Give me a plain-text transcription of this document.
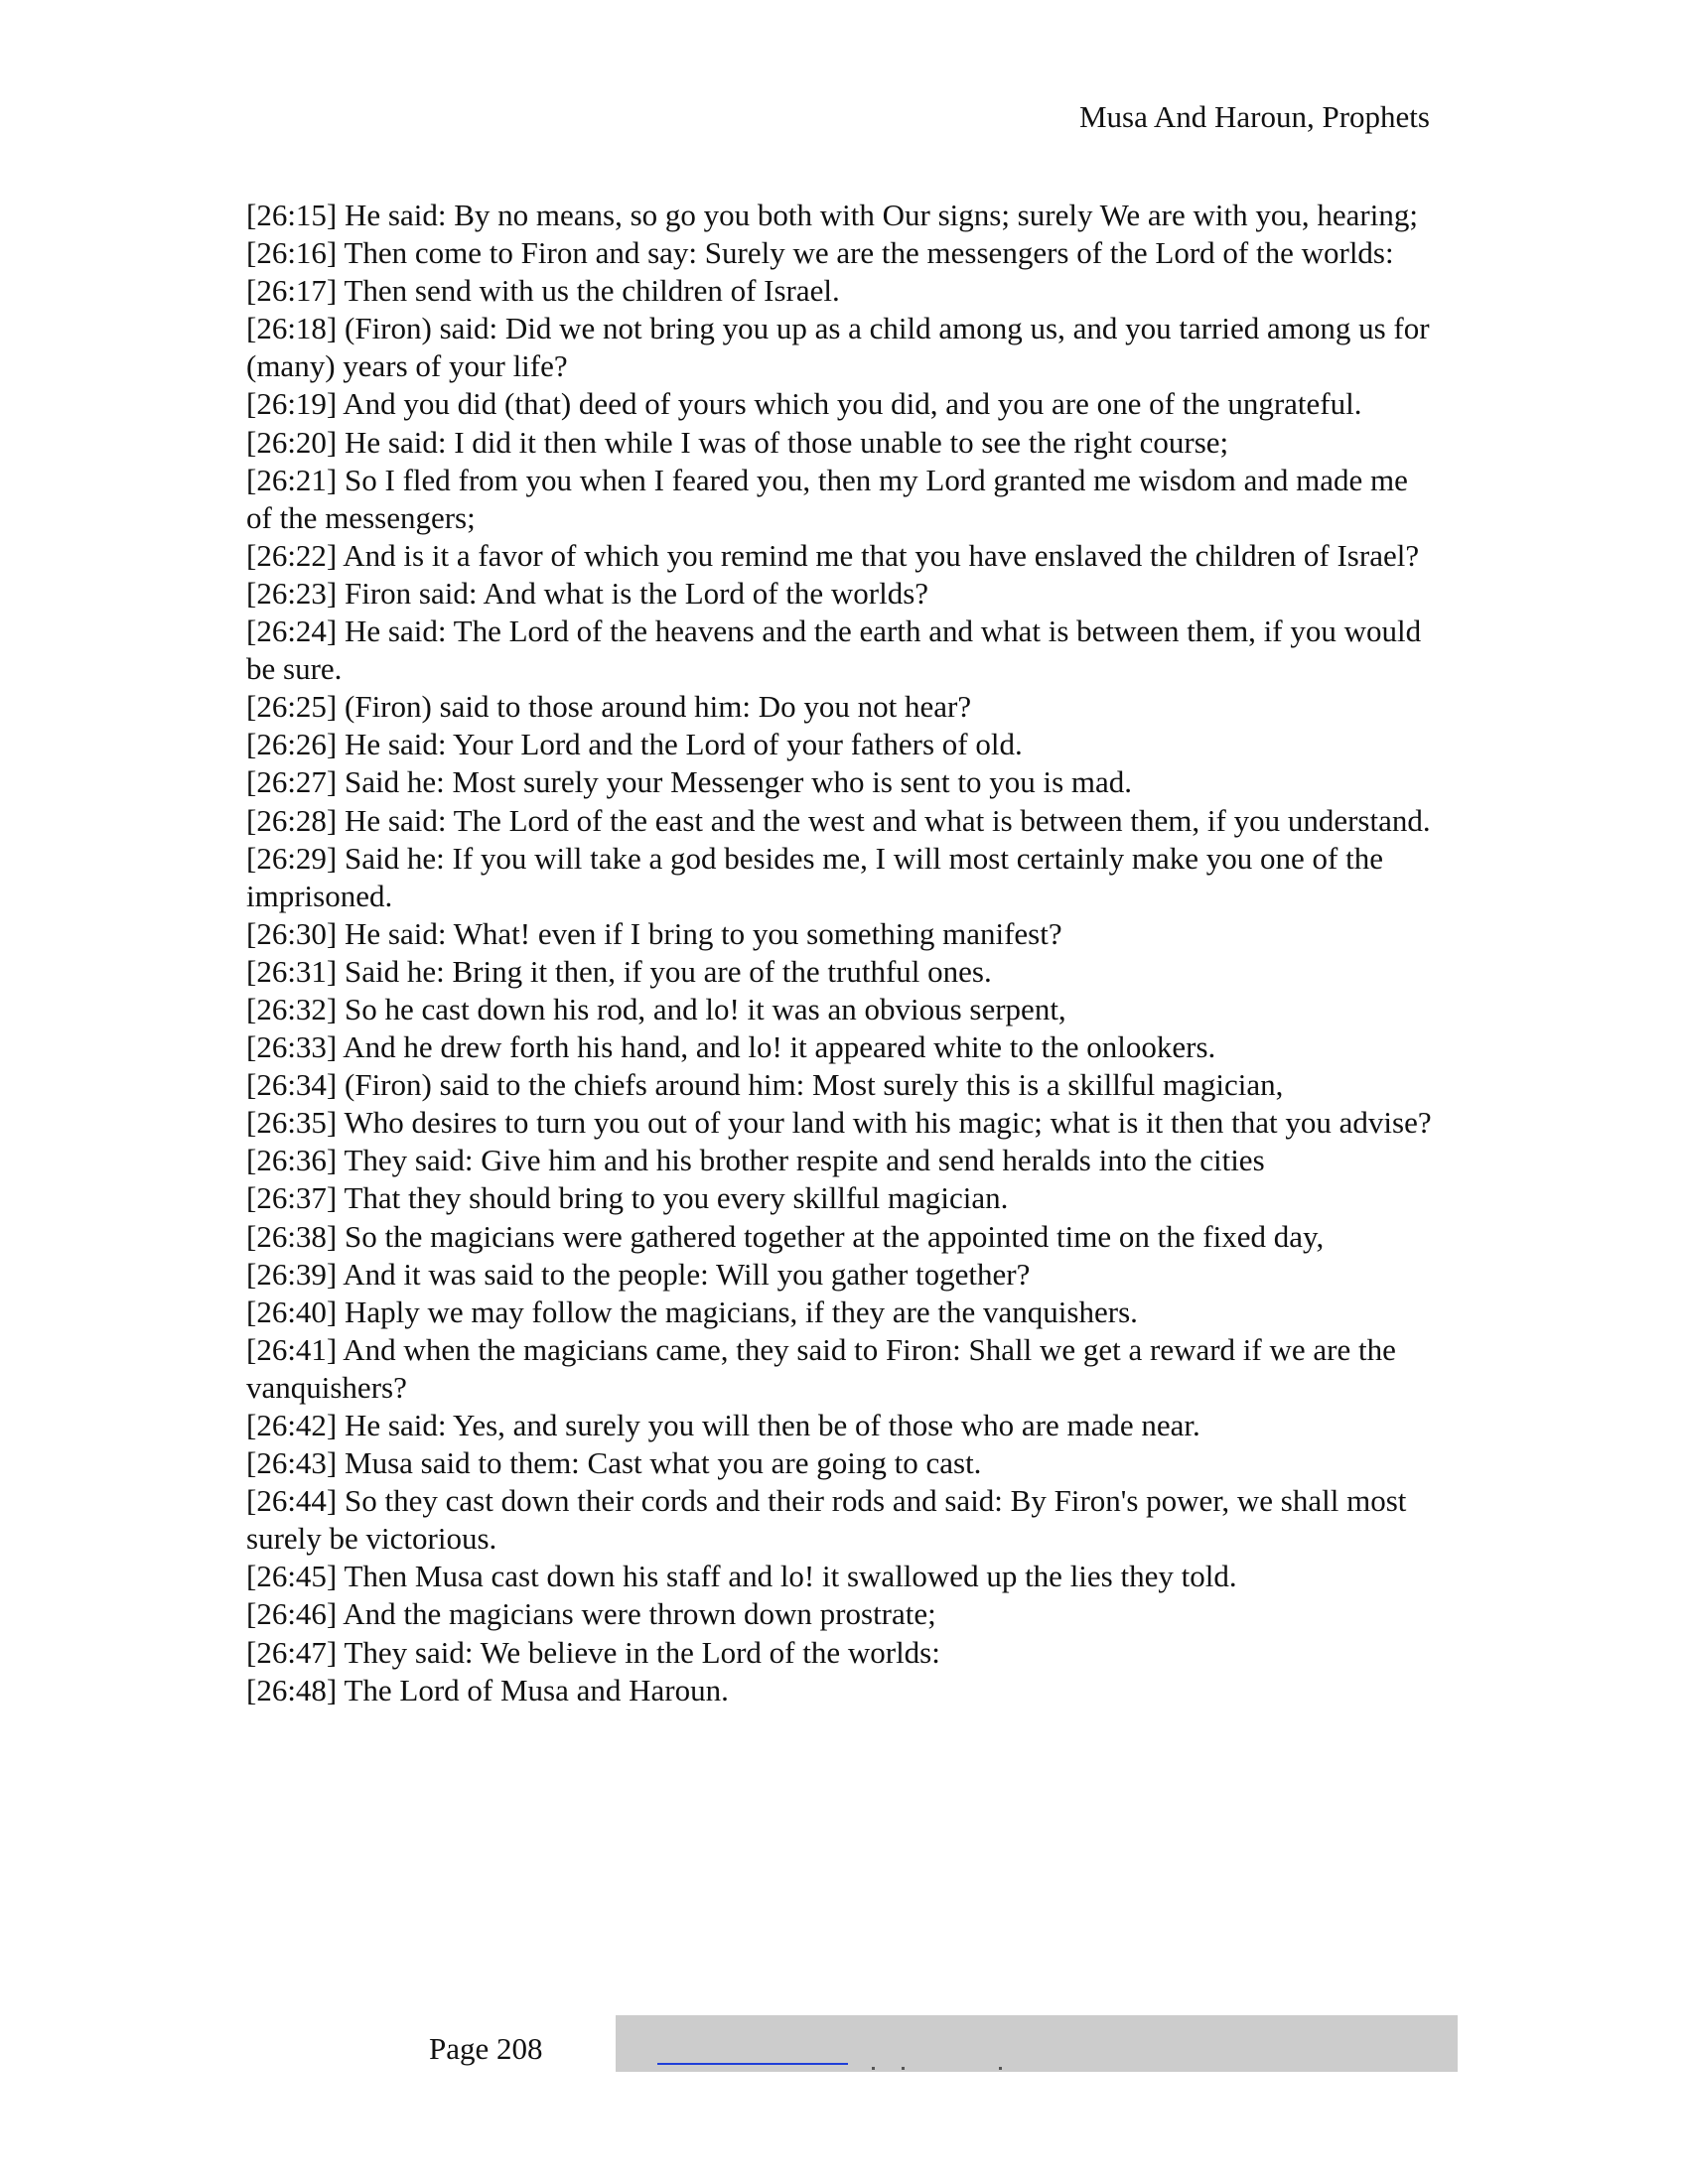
Musa And Haroun, Prophets
[26:15] He said: By no means, so go you both with Our signs; surely We are with you, hearing;
[26:16] Then come to Firon and say: Surely we are the messengers of the Lord of the worlds:
[26:17] Then send with us the children of Israel.
[26:18] (Firon) said: Did we not bring you up as a child among us, and you tarried among us for (many) years of your life?
[26:19] And you did (that) deed of yours which you did, and you are one of the ungrateful.
[26:20] He said: I did it then while I was of those unable to see the right course;
[26:21] So I fled from you when I feared you, then my Lord granted me wisdom and made me of the messengers;
[26:22] And is it a favor of which you remind me that you have enslaved the children of Israel?
[26:23] Firon said: And what is the Lord of the worlds?
[26:24] He said: The Lord of the heavens and the earth and what is between them, if you would be sure.
[26:25] (Firon) said to those around him: Do you not hear?
[26:26] He said: Your Lord and the Lord of your fathers of old.
[26:27] Said he: Most surely your Messenger who is sent to you is mad.
[26:28] He said: The Lord of the east and the west and what is between them, if you understand.
[26:29] Said he: If you will take a god besides me, I will most certainly make you one of the imprisoned.
[26:30] He said: What! even if I bring to you something manifest?
[26:31] Said he: Bring it then, if you are of the truthful ones.
[26:32] So he cast down his rod, and lo! it was an obvious serpent,
[26:33] And he drew forth his hand, and lo! it appeared white to the onlookers.
[26:34] (Firon) said to the chiefs around him: Most surely this is a skillful magician,
[26:35] Who desires to turn you out of your land with his magic; what is it then that you advise?
[26:36] They said: Give him and his brother respite and send heralds into the cities
[26:37] That they should bring to you every skillful magician.
[26:38] So the magicians were gathered together at the appointed time on the fixed day,
[26:39] And it was said to the people: Will you gather together?
[26:40] Haply we may follow the magicians, if they are the vanquishers.
[26:41] And when the magicians came, they said to Firon: Shall we get a reward if we are the vanquishers?
[26:42] He said: Yes, and surely you will then be of those who are made near.
[26:43] Musa said to them: Cast what you are going to cast.
[26:44] So they cast down their cords and their rods and said: By Firon's power, we shall most surely be victorious.
[26:45] Then Musa cast down his staff and lo! it swallowed up the lies they told.
[26:46] And the magicians were thrown down prostrate;
[26:47] They said: We believe in the Lord of the worlds:
[26:48] The Lord of Musa and Haroun.
Page 208
